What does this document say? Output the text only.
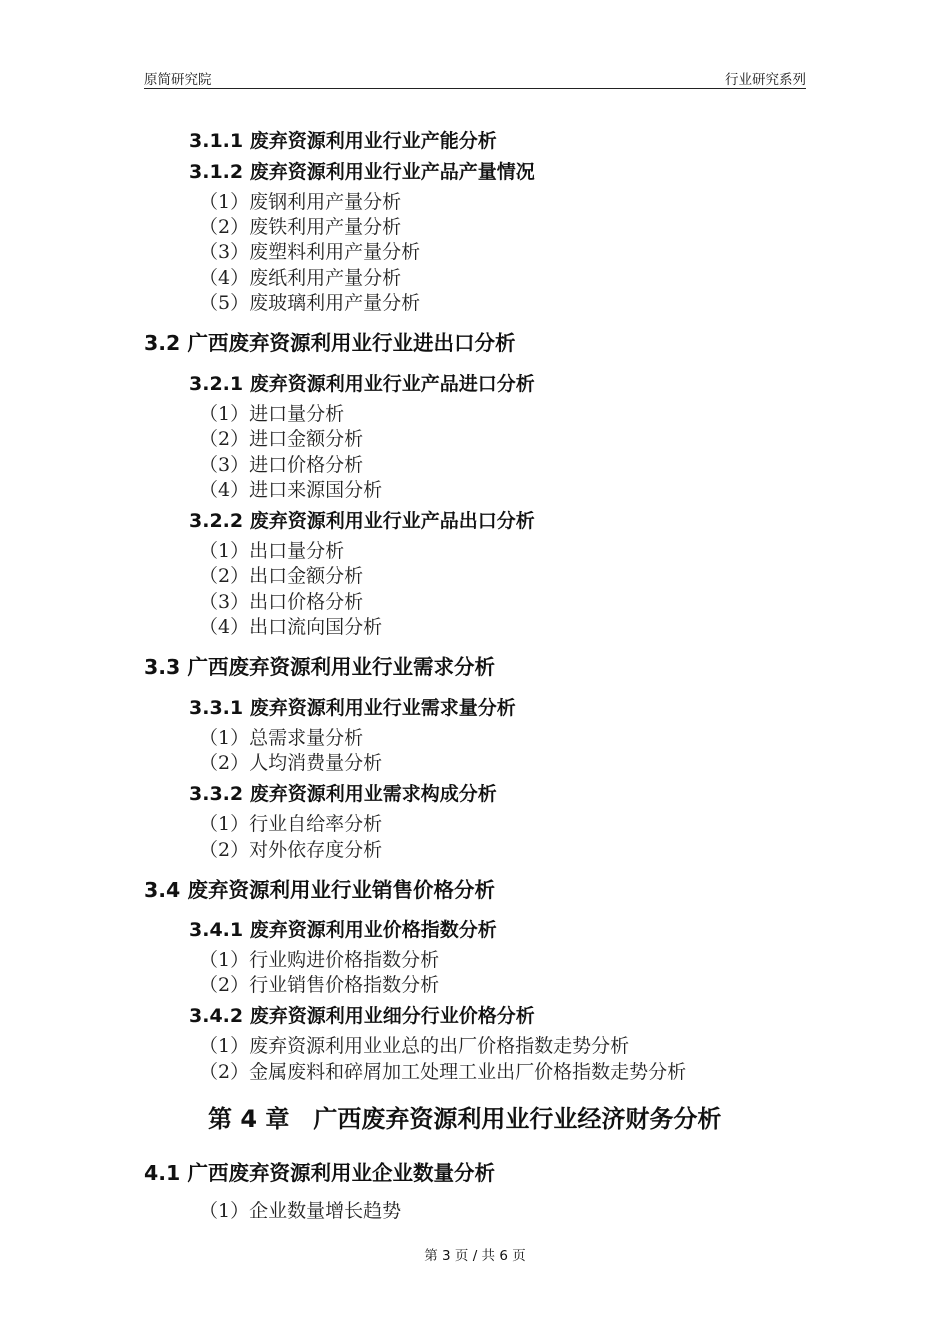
原简研究院	行业研究系列
3.1.1 废弃资源利用业行业产能分析
3.1.2 废弃资源利用业行业产品产量情况
（1）废钢利用产量分析
（2）废铁利用产量分析
（3）废塑料利用产量分析
（4）废纸利用产量分析
（5）废玻璃利用产量分析
3.2 广西废弃资源利用业行业进出口分析
3.2.1 废弃资源利用业行业产品进口分析
（1）进口量分析
（2）进口金额分析
（3）进口价格分析
（4）进口来源国分析
3.2.2 废弃资源利用业行业产品出口分析
（1）出口量分析
（2）出口金额分析
（3）出口价格分析
（4）出口流向国分析
3.3 广西废弃资源利用业行业需求分析
3.3.1 废弃资源利用业行业需求量分析
（1）总需求量分析
（2）人均消费量分析
3.3.2 废弃资源利用业需求构成分析
（1）行业自给率分析
（2）对外依存度分析
3.4 废弃资源利用业行业销售价格分析
3.4.1 废弃资源利用业价格指数分析
（1）行业购进价格指数分析
（2）行业销售价格指数分析
3.4.2 废弃资源利用业细分行业价格分析
（1）废弃资源利用业业总的出厂价格指数走势分析
（2）金属废料和碎屑加工处理工业出厂价格指数走势分析
第 4 章　广西废弃资源利用业行业经济财务分析
4.1 广西废弃资源利用业企业数量分析
（1）企业数量增长趋势
第 3 页 / 共 6 页
